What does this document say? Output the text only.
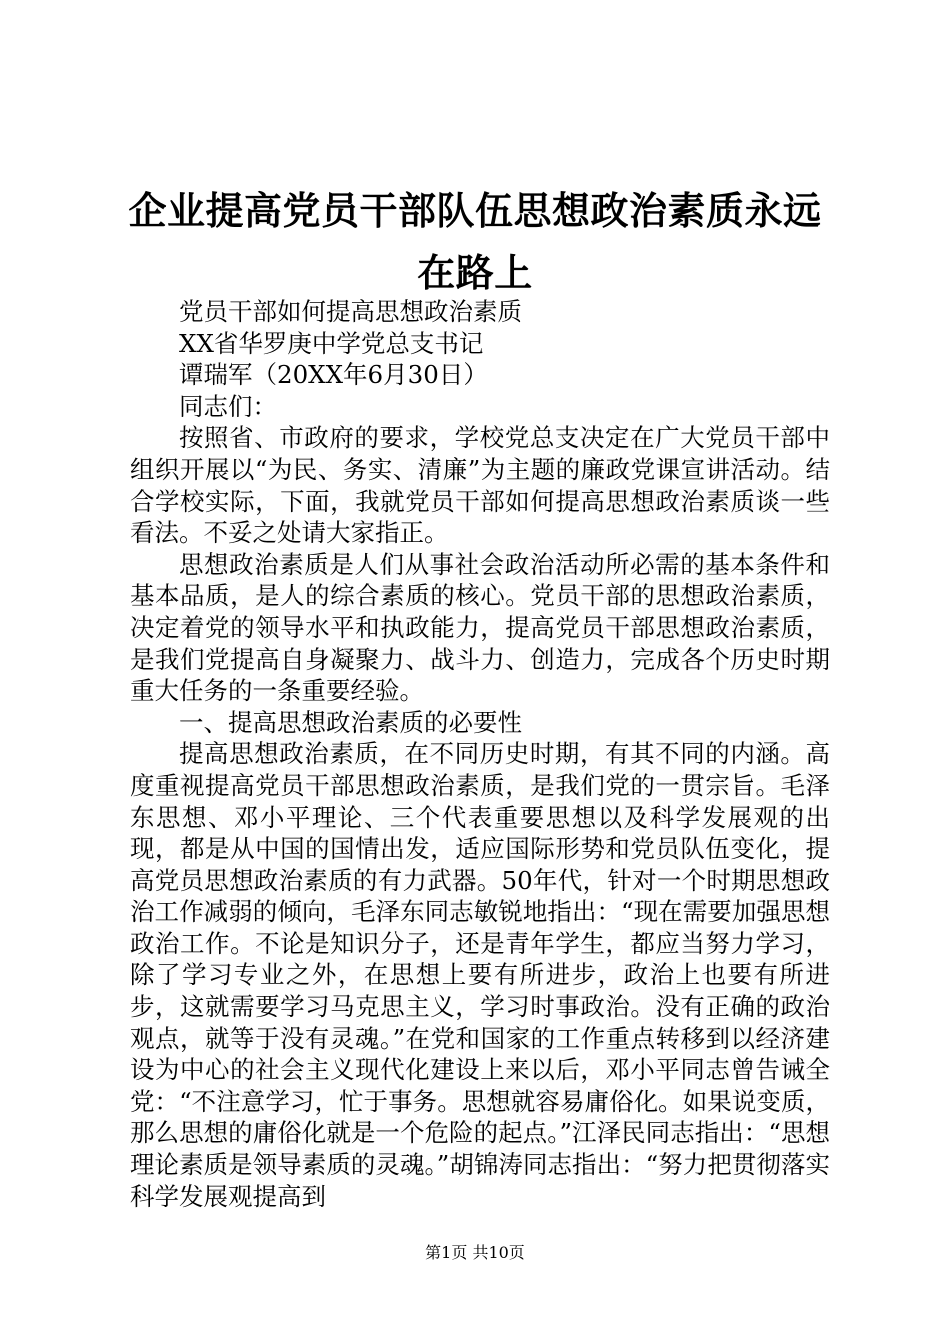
企业提高党员干部队伍思想政治素质永远在路上

党员干部如何提高思想政治素质

XX省华罗庚中学党总支书记

谭瑞军（20XX年6月30日）

同志们：

按照省、市政府的要求，学校党总支决定在广大党员干部中组织开展以“为民、务实、清廉”为主题的廉政党课宣讲活动。结合学校实际，下面，我就党员干部如何提高思想政治素质谈一些看法。不妥之处请大家指正。

思想政治素质是人们从事社会政治活动所必需的基本条件和基本品质，是人的综合素质的核心。党员干部的思想政治素质，决定着党的领导水平和执政能力，提高党员干部思想政治素质，是我们党提高自身凝聚力、战斗力、创造力，完成各个历史时期重大任务的一条重要经验。

一、提高思想政治素质的必要性

提高思想政治素质，在不同历史时期，有其不同的内涵。高度重视提高党员干部思想政治素质，是我们党的一贯宗旨。毛泽东思想、邓小平理论、三个代表重要思想以及科学发展观的出现，都是从中国的国情出发，适应国际形势和党员队伍变化，提高党员思想政治素质的有力武器。50年代，针对一个时期思想政治工作减弱的倾向，毛泽东同志敏锐地指出：“现在需要加强思想政治工作。不论是知识分子，还是青年学生，都应当努力学习，除了学习专业之外，在思想上要有所进步，政治上也要有所进步，这就需要学习马克思主义，学习时事政治。没有正确的政治观点，就等于没有灵魂。”在党和国家的工作重点转移到以经济建设为中心的社会主义现代化建设上来以后，邓小平同志曾告诫全党：“不注意学习，忙于事务。思想就容易庸俗化。如果说变质，那么思想的庸俗化就是一个危险的起点。”江泽民同志指出：“思想理论素质是领导素质的灵魂。”胡锦涛同志指出：“努力把贯彻落实科学发展观提高到

第1页 共10页
